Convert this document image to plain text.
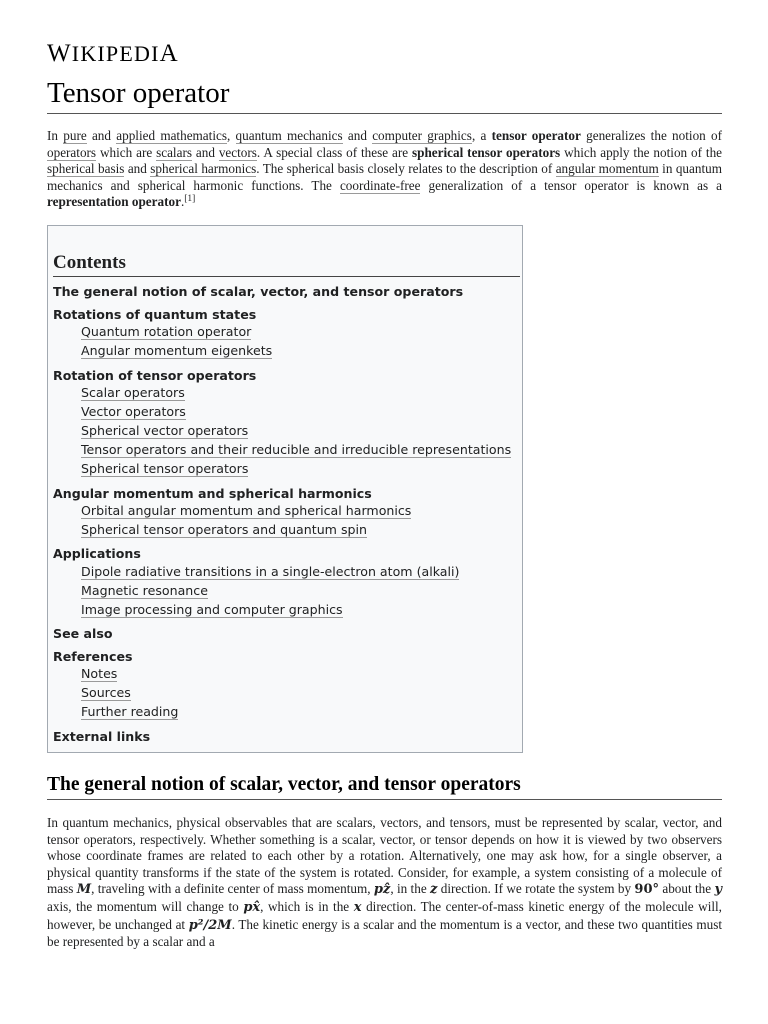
WIKIPEDIA
Tensor operator

In pure and applied mathematics, quantum mechanics and computer graphics, a tensor operator generalizes the notion of operators which are scalars and vectors. A special class of these are spherical tensor operators which apply the notion of the spherical basis and spherical harmonics. The spherical basis closely relates to the description of angular momentum in quantum mechanics and spherical harmonic functions. The coordinate-free generalization of a tensor operator is known as a representation operator.[1]

Contents
The general notion of scalar, vector, and tensor operators
Rotations of quantum states
Quantum rotation operator
Angular momentum eigenkets
Rotation of tensor operators
Scalar operators
Vector operators
Spherical vector operators
Tensor operators and their reducible and irreducible representations
Spherical tensor operators
Angular momentum and spherical harmonics
Orbital angular momentum and spherical harmonics
Spherical tensor operators and quantum spin
Applications
Dipole radiative transitions in a single-electron atom (alkali)
Magnetic resonance
Image processing and computer graphics
See also
References
Notes
Sources
Further reading
External links
The general notion of scalar, vector, and tensor operators

In quantum mechanics, physical observables that are scalars, vectors, and tensors, must be represented by scalar, vector, and tensor operators, respectively. Whether something is a scalar, vector, or tensor depends on how it is viewed by two observers whose coordinate frames are related to each other by a rotation. Alternatively, one may ask how, for a single observer, a physical quantity transforms if the state of the system is rotated. Consider, for example, a system consisting of a molecule of mass M, traveling with a definite center of mass momentum, pẑ, in the z direction. If we rotate the system by 90° about the y axis, the momentum will change to px̂, which is in the x direction. The center-of-mass kinetic energy of the molecule will, however, be unchanged at p²/2M. The kinetic energy is a scalar and the momentum is a vector, and these two quantities must be represented by a scalar and a
